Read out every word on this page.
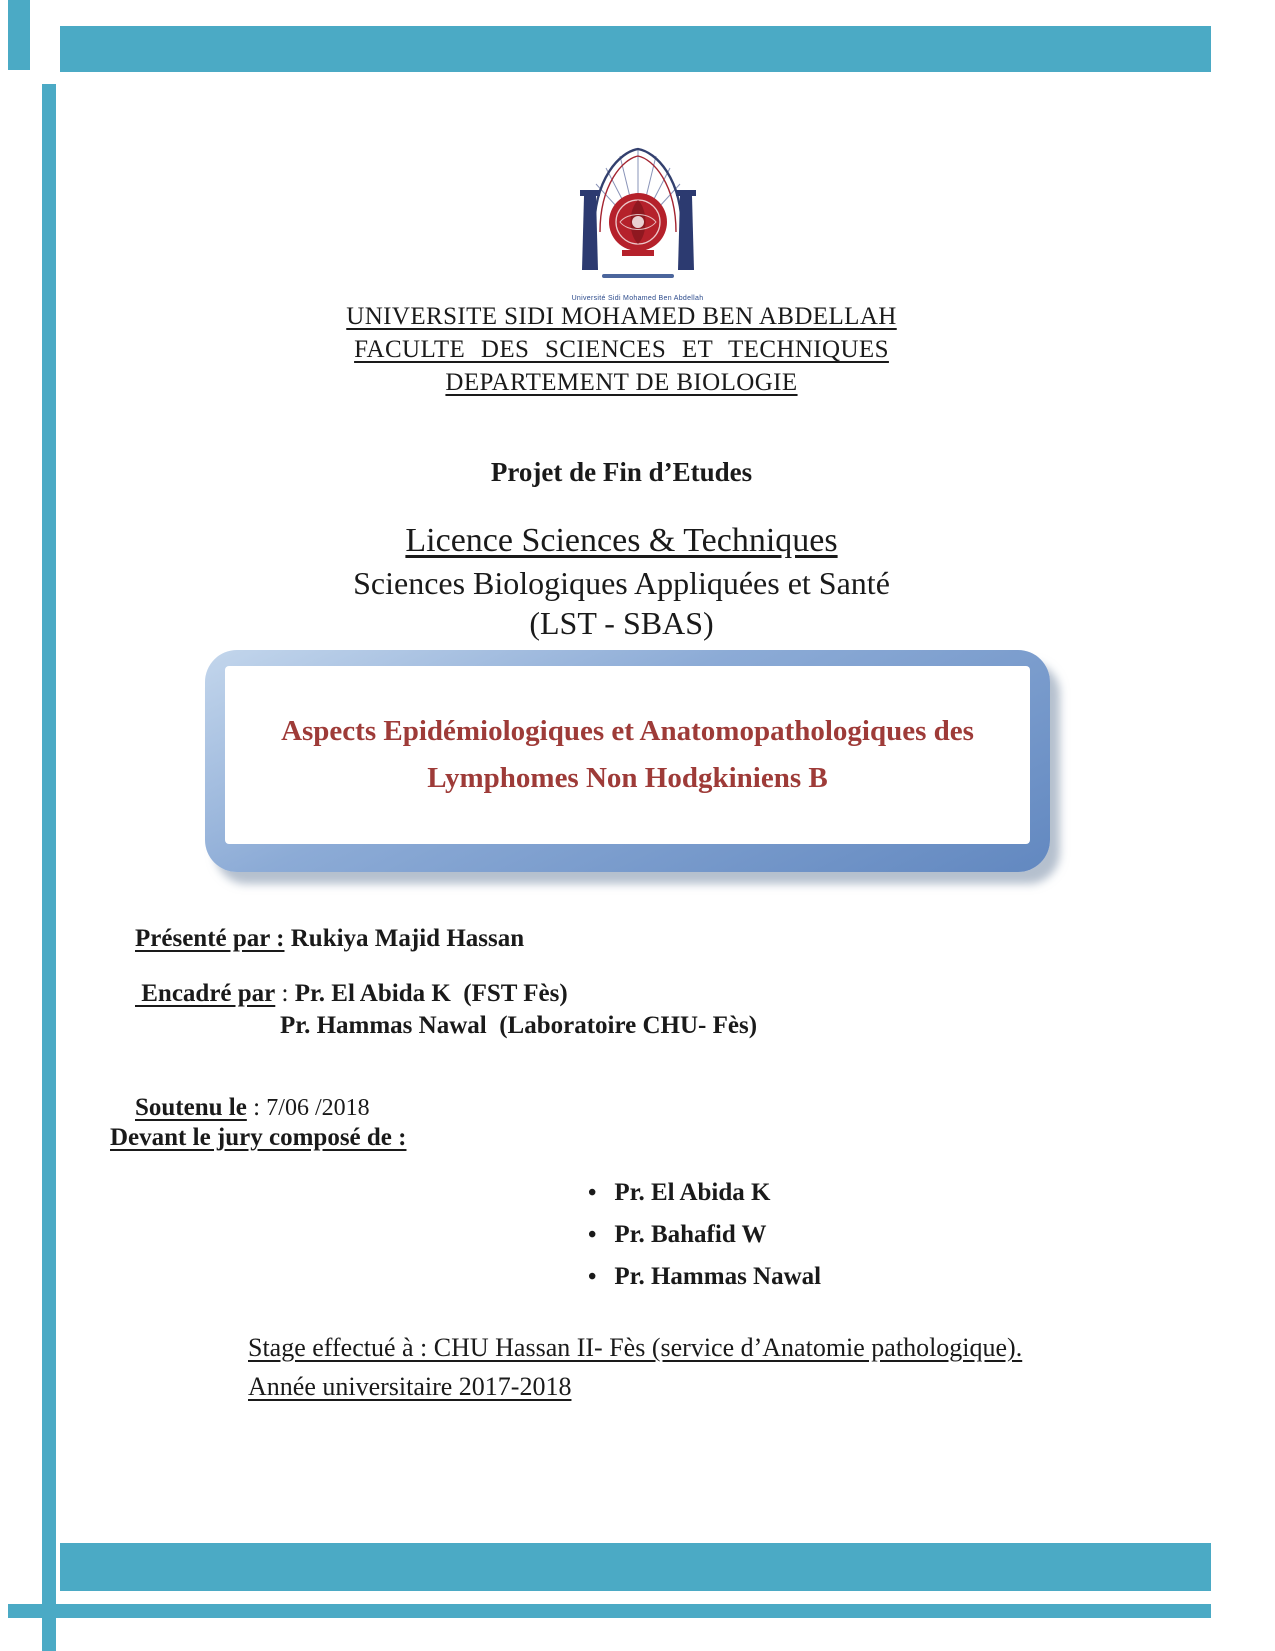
Université Sidi Mohamed Ben Abdellah
UNIVERSITE SIDI MOHAMED BEN ABDELLAH
FACULTE DES SCIENCES ET TECHNIQUES
DEPARTEMENT DE BIOLOGIE
Projet de Fin d’Etudes
Licence Sciences & Techniques
Sciences Biologiques Appliquées et Santé
(LST - SBAS)
Aspects Epidémiologiques et Anatomopathologiques des
Lymphomes Non Hodgkiniens B

Présenté par : Rukiya Majid Hassan

Encadré par : Pr. El Abida K  (FST Fès)

Pr. Hammas Nawal  (Laboratoire CHU- Fès)

Soutenu le : 7/06 /2018

Devant le jury composé de :
• Pr. El Abida K
• Pr. Bahafid W
• Pr. Hammas Nawal
Stage effectué à : CHU Hassan II- Fès (service d’Anatomie pathologique).
Année universitaire 2017-2018
